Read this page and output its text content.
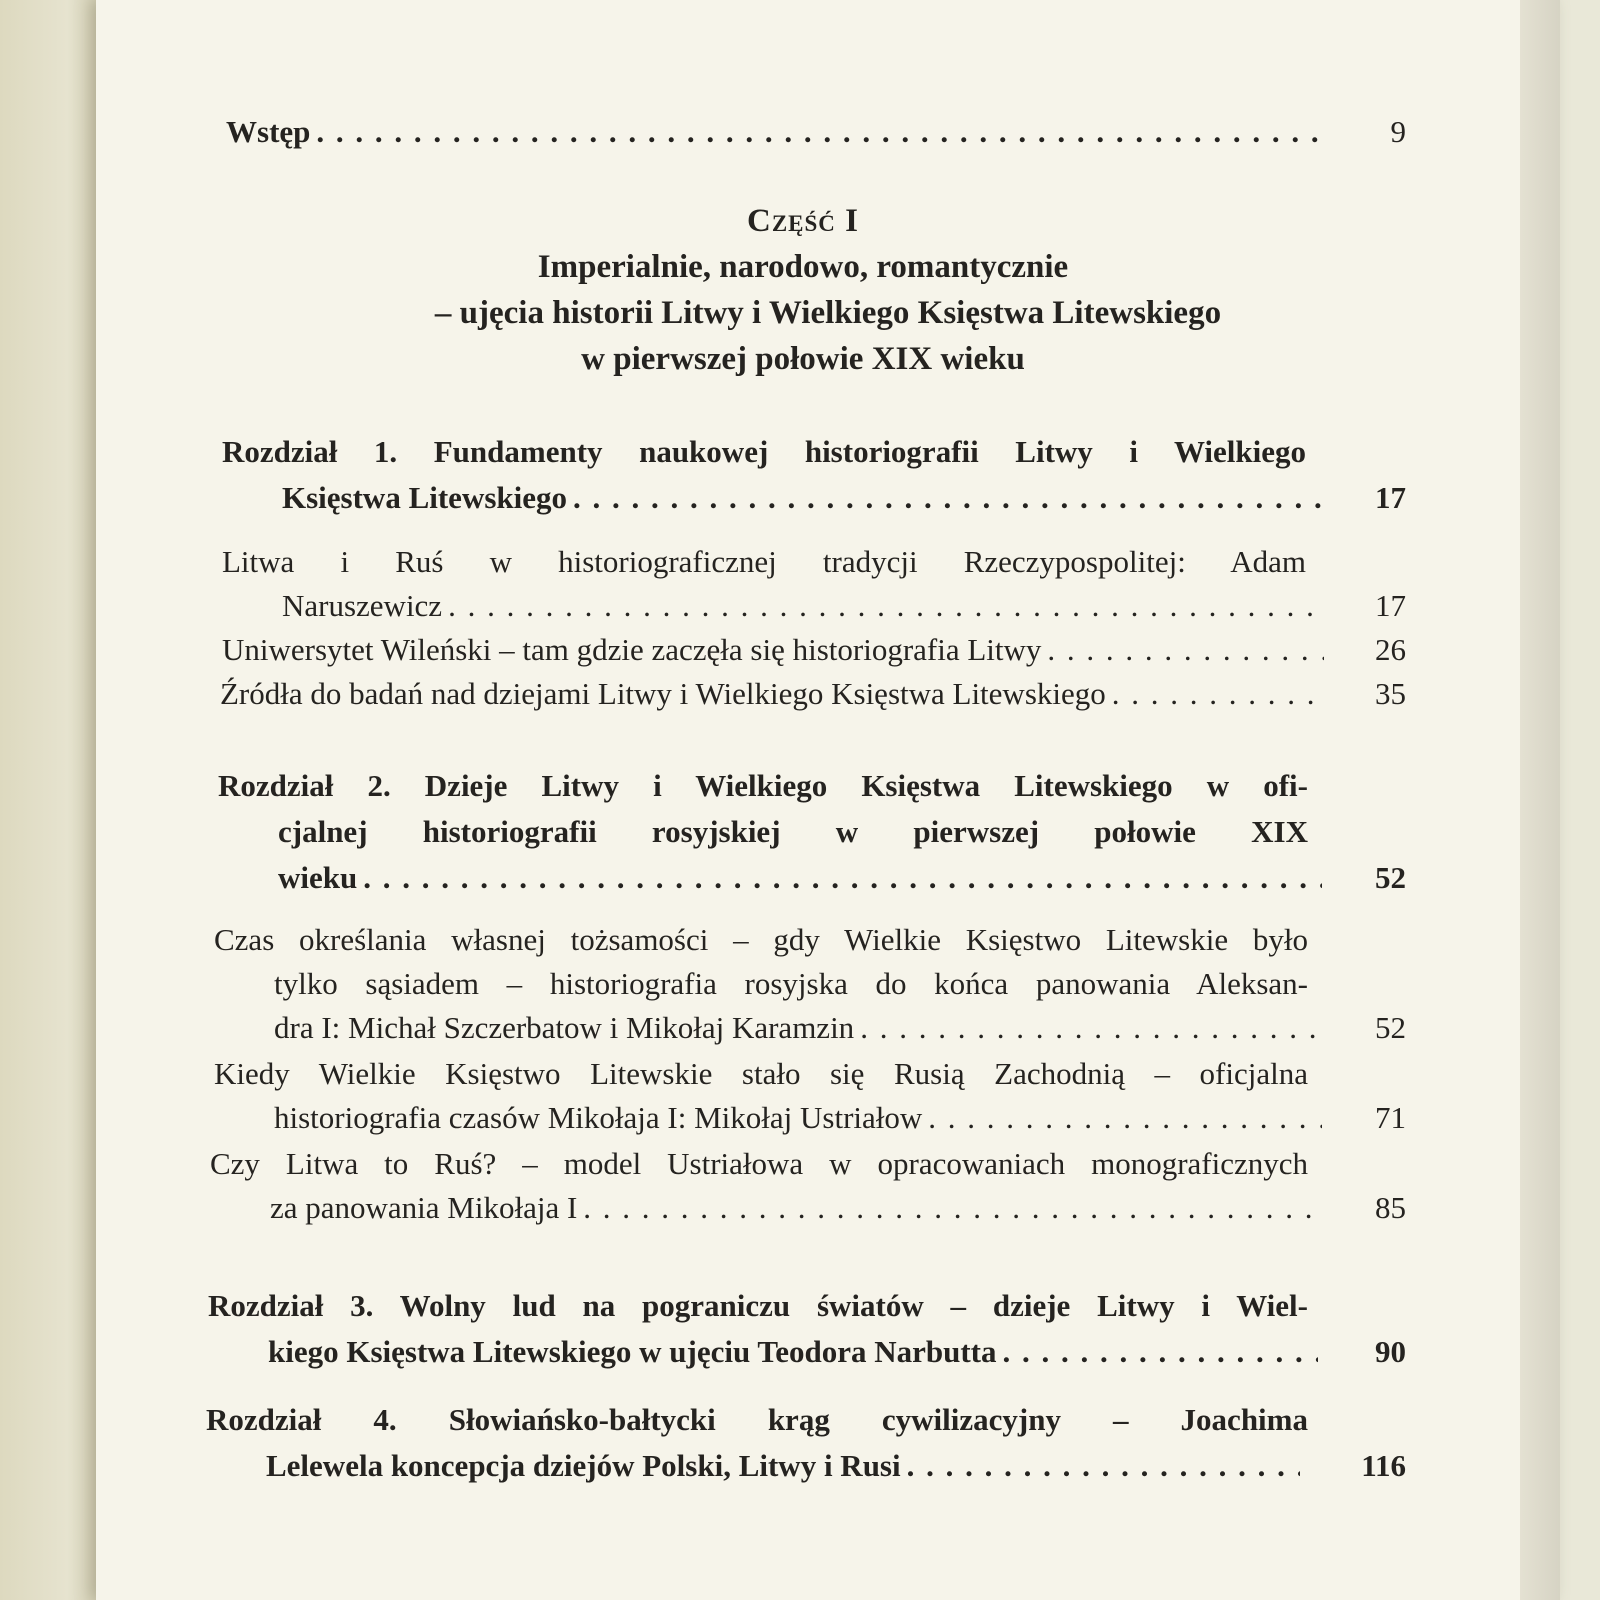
Wstęp . . .	9
Część I
Imperialnie, narodowo, romantycznie
– ujęcia historii Litwy i Wielkiego Księstwa Litewskiego
w pierwszej połowie XIX wieku
Rozdział 1. Fundamenty naukowej historiografii Litwy i Wielkiego
Księstwa Litewskiego . . .	17
Litwa i Ruś w historiograficznej tradycji Rzeczypospolitej: Adam
Naruszewicz . . .	17
Uniwersytet Wileński – tam gdzie zaczęła się historiografia Litwy . . .	26
Źródła do badań nad dziejami Litwy i Wielkiego Księstwa Litewskiego . . .	35
Rozdział 2. Dzieje Litwy i Wielkiego Księstwa Litewskiego w ofi-
cjalnej historiografii rosyjskiej w pierwszej połowie XIX
wieku . . .	52
Czas określania własnej tożsamości – gdy Wielkie Księstwo Litewskie było
tylko sąsiadem – historiografia rosyjska do końca panowania Aleksan-
dra I: Michał Szczerbatow i Mikołaj Karamzin . . .	52
Kiedy Wielkie Księstwo Litewskie stało się Rusią Zachodnią – oficjalna
historiografia czasów Mikołaja I: Mikołaj Ustriałow . . .	71
Czy Litwa to Ruś? – model Ustriałowa w opracowaniach monograficznych
za panowania Mikołaja I . . .	85
Rozdział 3. Wolny lud na pograniczu światów – dzieje Litwy i Wiel-
kiego Księstwa Litewskiego w ujęciu Teodora Narbutta . . .	90
Rozdział 4. Słowiańsko-bałtycki krąg cywilizacyjny – Joachima
Lelewela koncepcja dziejów Polski, Litwy i Rusi . . .	116
